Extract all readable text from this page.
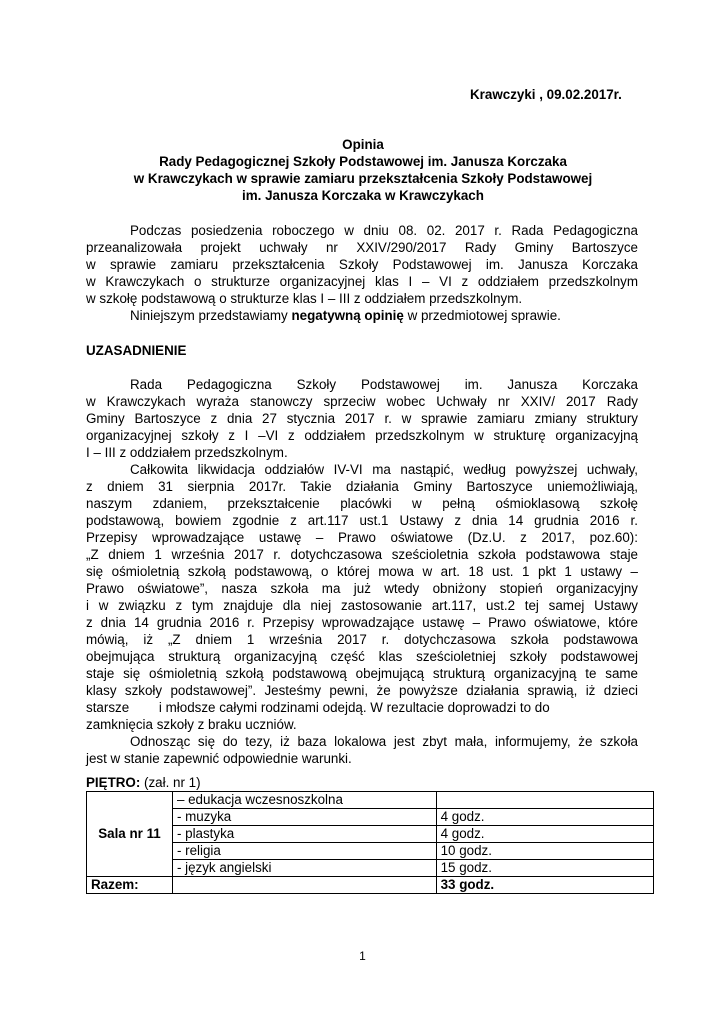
Krawczyki , 09.02.2017r.
Opinia
Rady Pedagogicznej Szkoły Podstawowej im. Janusza Korczaka
w Krawczykach w sprawie zamiaru przekształcenia Szkoły Podstawowej
im. Janusza Korczaka w Krawczykach
Podczas posiedzenia roboczego w dniu 08. 02. 2017 r. Rada Pedagogiczna
przeanalizowała projekt uchwały nr XXIV/290/2017 Rady Gminy Bartoszyce
w sprawie zamiaru przekształcenia Szkoły Podstawowej im. Janusza Korczaka
w Krawczykach o strukturze organizacyjnej klas I – VI z oddziałem przedszkolnym
w szkołę podstawową o strukturze klas I – III z oddziałem przedszkolnym.
Niniejszym przedstawiamy negatywną opinię w przedmiotowej sprawie.
UZASADNIENIE
Rada Pedagogiczna Szkoły Podstawowej im. Janusza Korczaka
w Krawczykach wyraża stanowczy sprzeciw wobec Uchwały nr XXIV/ 2017 Rady
Gminy Bartoszyce z dnia 27 stycznia 2017 r. w sprawie zamiaru zmiany struktury
organizacyjnej szkoły z I –VI z oddziałem przedszkolnym w strukturę organizacyjną
I – III z oddziałem przedszkolnym.
Całkowita likwidacja oddziałów IV-VI ma nastąpić, według powyższej uchwały,
z dniem 31 sierpnia 2017r. Takie działania Gminy Bartoszyce uniemożliwiają,
naszym zdaniem, przekształcenie placówki w pełną ośmioklasową szkołę
podstawową, bowiem zgodnie z art.117 ust.1 Ustawy z dnia 14 grudnia 2016 r.
Przepisy wprowadzające ustawę – Prawo oświatowe (Dz.U. z 2017, poz.60):
„Z dniem 1 września 2017 r. dotychczasowa sześcioletnia szkoła podstawowa staje
się ośmioletnią szkołą podstawową, o której mowa w art. 18 ust. 1 pkt 1 ustawy –
Prawo oświatowe”, nasza szkoła ma już wtedy obniżony stopień organizacyjny
i w związku z tym znajduje dla niej zastosowanie art.117, ust.2 tej samej Ustawy
z dnia 14 grudnia 2016 r. Przepisy wprowadzające ustawę – Prawo oświatowe, które
mówią, iż „Z dniem 1 września 2017 r. dotychczasowa szkoła podstawowa
obejmująca strukturą organizacyjną część klas sześcioletniej szkoły podstawowej
staje się ośmioletnią szkołą podstawową obejmującą strukturą organizacyjną te same
klasy szkoły podstawowej”. Jesteśmy pewni, że powyższe działania sprawią, iż dzieci
starsze        i młodsze całymi rodzinami odejdą. W rezultacie doprowadzi to do
zamknięcia szkoły z braku uczniów.
Odnosząc się do tezy, iż baza lokalowa jest zbyt mała, informujemy, że szkoła
jest w stanie zapewnić odpowiednie warunki.
PIĘTRO: (zał. nr 1)
Sala nr 11	– edukacja wczesnoszkolna	
	- muzyka	4 godz.
	- plastyka	4 godz.
	- religia	10 godz.
	- język angielski	15 godz.
Razem:		33 godz.
1
